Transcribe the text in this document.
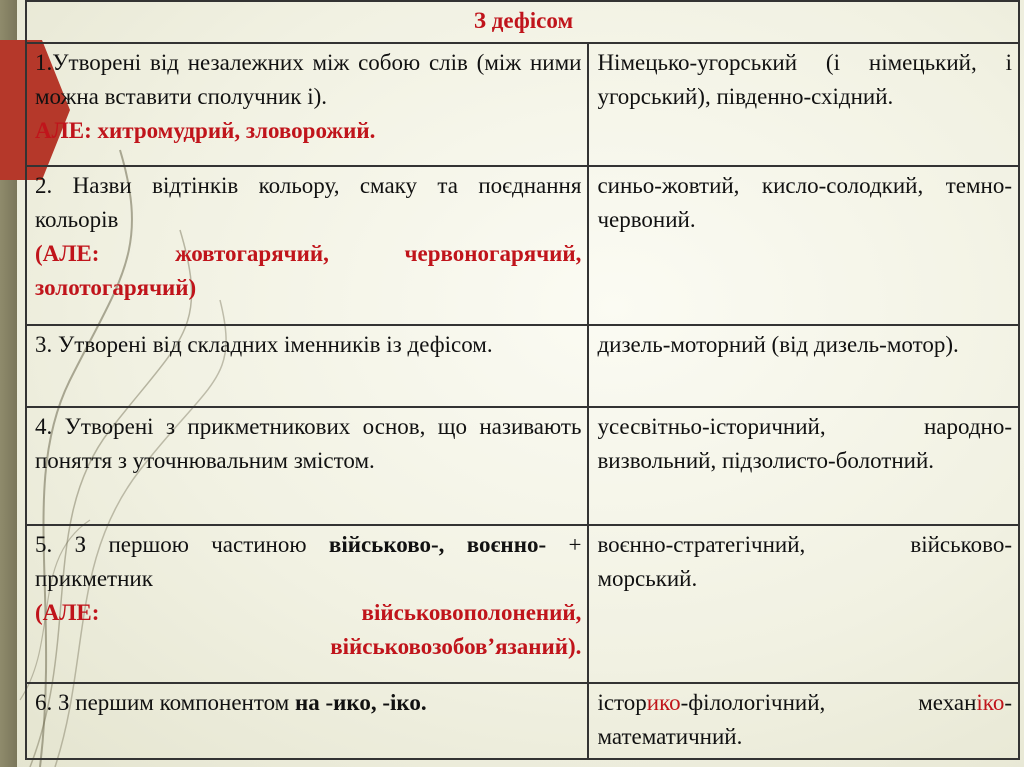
З дефісом	

1.Утворені від незалежних між собою слів (між ними можна вставити сполучник і).
АЛЕ: хитромудрий, зловорожий.	Німецько-угорський (і німецький, і угорський), південно-східний.

2. Назви відтінків кольору, смаку та поєднання кольорів
(АЛЕ: жовтогарячий, червоногарячий, золотогарячий)	синьо-жовтий, кисло-солодкий, темно-червоний.
3. Утворені від складних іменників із дефісом.	дизель-моторний (від дизель-мотор).
4. Утворені з прикметникових основ, що називають поняття з уточнювальним змістом.	усесвітньо-історичний, народно-визвольний, підзолисто-болотний.

5. З першою частиною військово-, воєнно- + прикметник
(АЛЕ: військовополонений, військовозобов’язаний).	воєнно-стратегічний, військово-морський.
6. З першим компонентом на -ико, -іко.	історико-філологічний, механіко-математичний.
